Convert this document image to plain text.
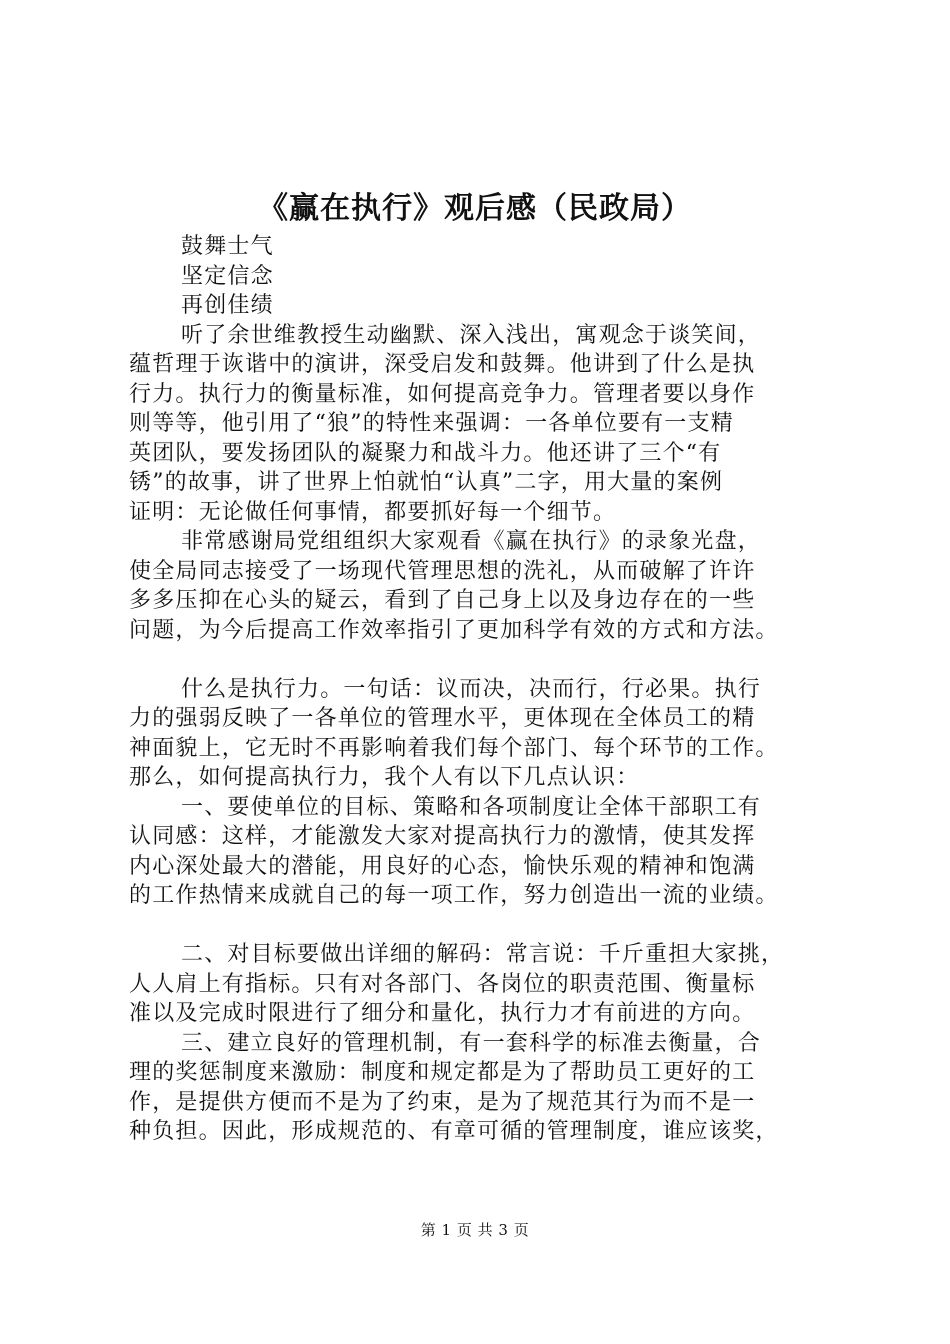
《赢在执行》观后感（民政局）
鼓舞士气
坚定信念
再创佳绩
听了余世维教授生动幽默、深入浅出，寓观念于谈笑间，
蕴哲理于诙谐中的演讲，深受启发和鼓舞。他讲到了什么是执
行力。执行力的衡量标准，如何提高竞争力。管理者要以身作
则等等，他引用了“狼”的特性来强调：一各单位要有一支精
英团队，要发扬团队的凝聚力和战斗力。他还讲了三个“有
锈”的故事，讲了世界上怕就怕“认真”二字，用大量的案例
证明：无论做任何事情，都要抓好每一个细节。
非常感谢局党组组织大家观看《赢在执行》的录象光盘，
使全局同志接受了一场现代管理思想的洗礼，从而破解了许许
多多压抑在心头的疑云，看到了自己身上以及身边存在的一些
问题，为今后提高工作效率指引了更加科学有效的方式和方法。
什么是执行力。一句话：议而决，决而行，行必果。执行
力的强弱反映了一各单位的管理水平，更体现在全体员工的精
神面貌上，它无时不再影响着我们每个部门、每个环节的工作。
那么，如何提高执行力，我个人有以下几点认识：
一、要使单位的目标、策略和各项制度让全体干部职工有
认同感：这样，才能激发大家对提高执行力的激情，使其发挥
内心深处最大的潜能，用良好的心态，愉快乐观的精神和饱满
的工作热情来成就自己的每一项工作，努力创造出一流的业绩。
二、对目标要做出详细的解码：常言说：千斤重担大家挑，
人人肩上有指标。只有对各部门、各岗位的职责范围、衡量标
准以及完成时限进行了细分和量化，执行力才有前进的方向。
三、建立良好的管理机制，有一套科学的标准去衡量，合
理的奖惩制度来激励：制度和规定都是为了帮助员工更好的工
作，是提供方便而不是为了约束，是为了规范其行为而不是一
种负担。因此，形成规范的、有章可循的管理制度，谁应该奖，
第 1 页 共 3 页
